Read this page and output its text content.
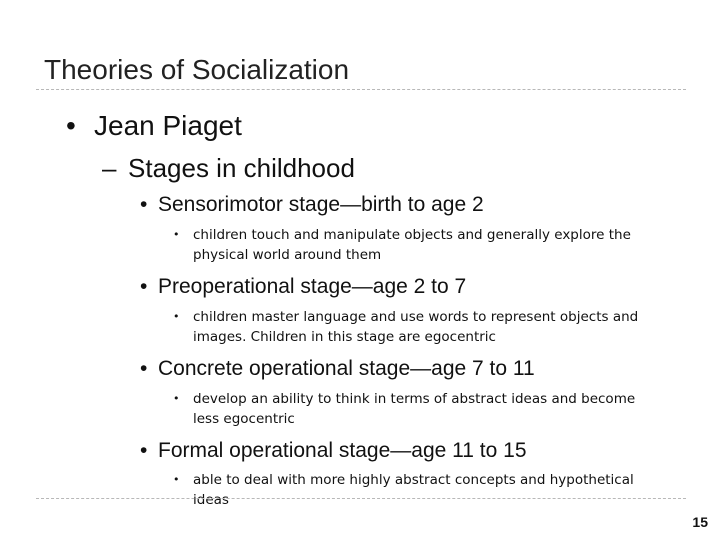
Theories of Socialization
• Jean Piaget
– Stages in childhood
• Sensorimotor stage—birth to age 2
•	children touch and manipulate objects and generally explore the physical world around them
• Preoperational stage—age 2 to 7
•	children master language and use words to represent objects and images. Children in this stage are egocentric
• Concrete operational stage—age 7 to 11
•	develop an ability to think in terms of abstract ideas and become less egocentric
• Formal operational stage—age 11 to 15
•	able to deal with more highly abstract concepts and hypothetical ideas
15
